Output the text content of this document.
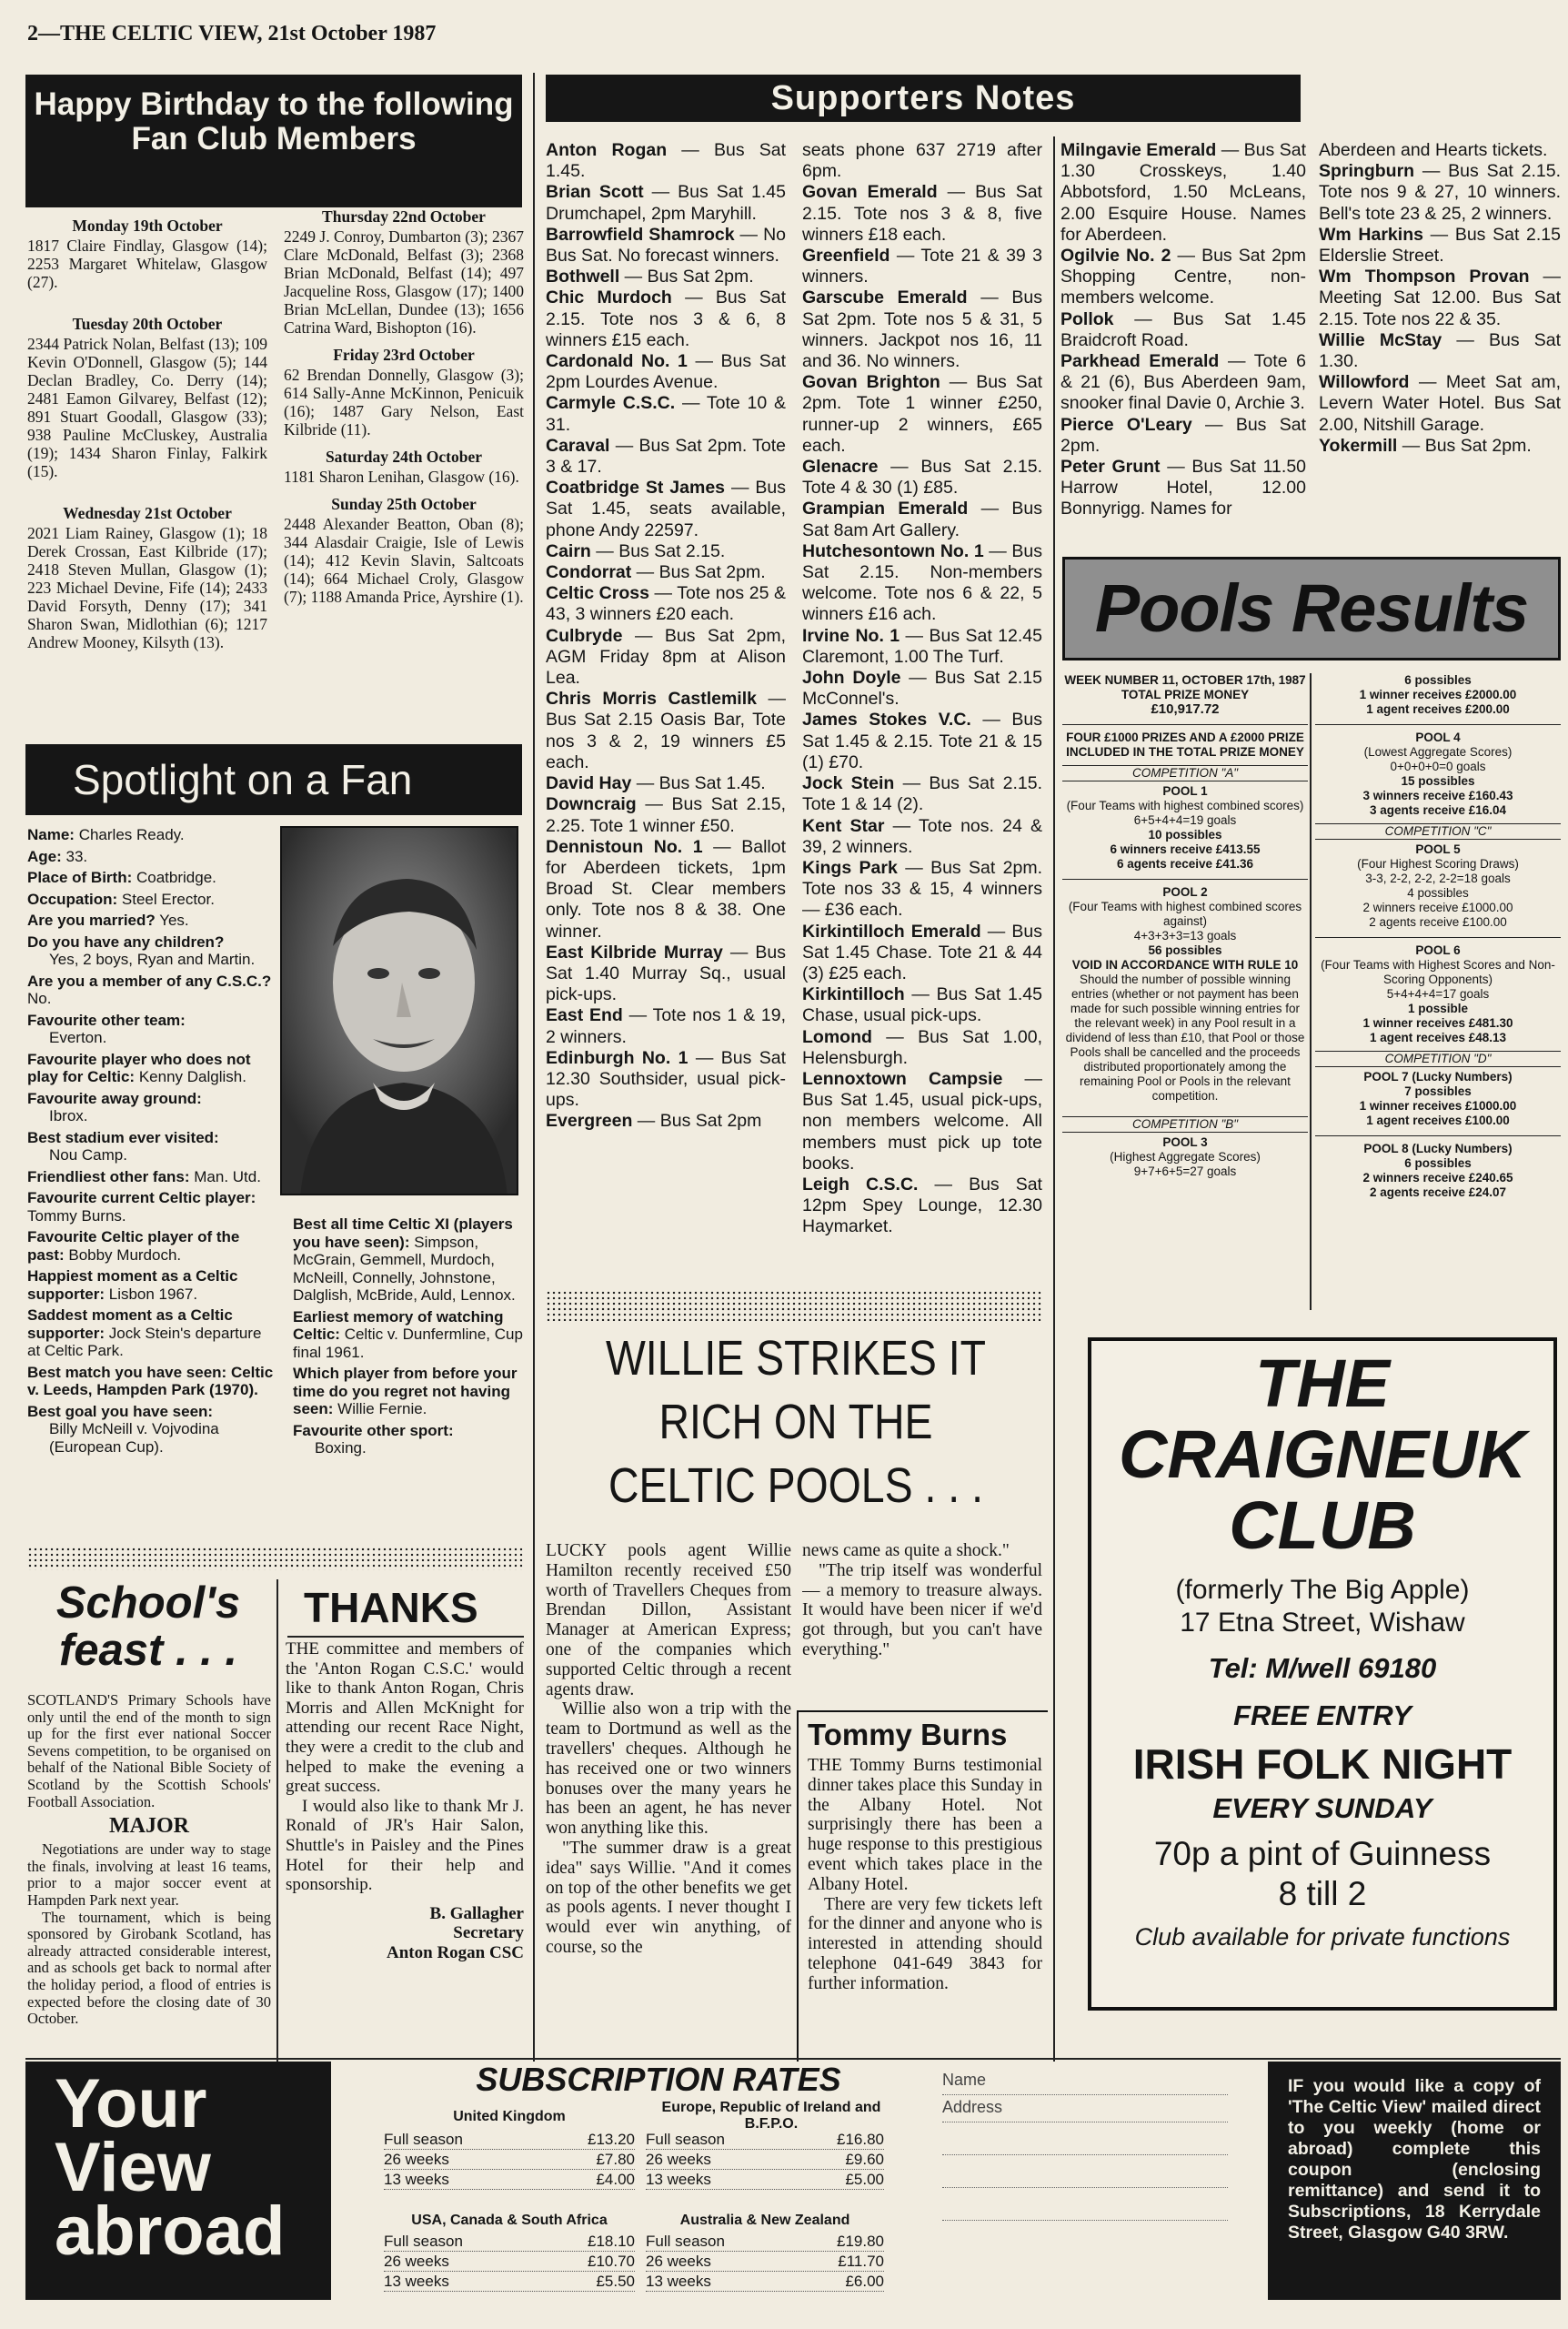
2—THE CELTIC VIEW, 21st October 1987
Happy Birthday to the following Fan Club Members
Monday 19th October
1817 Claire Findlay, Glasgow (14); 2253 Margaret Whitelaw, Glasgow (27).
Tuesday 20th October
2344 Patrick Nolan, Belfast (13); 109 Kevin O'Donnell, Glasgow (5); 144 Declan Bradley, Co. Derry (14); 2481 Eamon Gilvarey, Belfast (12); 891 Stuart Goodall, Glasgow (33); 938 Pauline McCluskey, Australia (19); 1434 Sharon Finlay, Falkirk (15).
Wednesday 21st October
2021 Liam Rainey, Glasgow (1); 18 Derek Crossan, East Kilbride (17); 2418 Steven Mullan, Glasgow (1); 223 Michael Devine, Fife (14); 2433 David Forsyth, Denny (17); 341 Sharon Swan, Midlothian (6); 1217 Andrew Mooney, Kilsyth (13).
Thursday 22nd October
2249 J. Conroy, Dumbarton (3); 2367 Clare McDonald, Belfast (3); 2368 Brian McDonald, Belfast (14); 497 Jacqueline Ross, Glasgow (17); 1400 Brian McLellan, Dundee (13); 1656 Catrina Ward, Bishopton (16).
Friday 23rd October
62 Brendan Donnelly, Glasgow (3); 614 Sally-Anne McKinnon, Penicuik (16); 1487 Gary Nelson, East Kilbride (11).
Saturday 24th October
1181 Sharon Lenihan, Glasgow (16).
Sunday 25th October
2448 Alexander Beatton, Oban (8); 344 Alasdair Craigie, Isle of Lewis (14); 412 Kevin Slavin, Saltcoats (14); 664 Michael Croly, Glasgow (7); 1188 Amanda Price, Ayrshire (1).
Spotlight on a Fan
Name: Charles Ready.
Age: 33.
Place of Birth: Coatbridge.
Occupation: Steel Erector.
Are you married? Yes.
Do you have any children?
Yes, 2 boys, Ryan and Martin.
Are you a member of any C.S.C.? No.
Favourite other team:
Everton.
Favourite player who does not play for Celtic: Kenny Dalglish.
Favourite away ground:
Ibrox.
Best stadium ever visited:
Nou Camp.
Friendliest other fans: Man. Utd.
Favourite current Celtic player: Tommy Burns.
Favourite Celtic player of the past: Bobby Murdoch.
Happiest moment as a Celtic supporter: Lisbon 1967.
Saddest moment as a Celtic supporter: Jock Stein's departure at Celtic Park.
Best match you have seen: Celtic v. Leeds, Hampden Park (1970).
Best goal you have seen:
Billy McNeill v. Vojvodina (European Cup).
Best all time Celtic XI (players you have seen): Simpson, McGrain, Gemmell, Murdoch, McNeill, Connelly, Johnstone, Dalglish, McBride, Auld, Lennox.
Earliest memory of watching Celtic: Celtic v. Dunfermline, Cup final 1961.
Which player from before your time do you regret not having seen: Willie Fernie.
Favourite other sport:
Boxing.
School's feast . . .

SCOTLAND'S Primary Schools have only until the end of the month to sign up for the first ever national Soccer Sevens competition, to be organised on behalf of the National Bible Society of Scotland by the Scottish Schools' Football Association.

MAJOR

Negotiations are under way to stage the finals, involving at least 16 teams, prior to a major soccer event at Hampden Park next year.

The tournament, which is being sponsored by Girobank Scotland, has already attracted considerable interest, and as schools get back to normal after the holiday period, a flood of entries is expected before the closing date of 30 October.

THANKS

THE committee and members of the 'Anton Rogan C.S.C.' would like to thank Anton Rogan, Chris Morris and Allen McKnight for attending our recent Race Night, they were a credit to the club and helped to make the evening a great success.

I would also like to thank Mr J. Ronald of JR's Hair Salon, Shuttle's in Paisley and the Pines Hotel for their help and sponsorship.

B. Gallagher
Secretary
Anton Rogan CSC
Supporters Notes
Anton Rogan — Bus Sat 1.45.
Brian Scott — Bus Sat 1.45 Drumchapel, 2pm Maryhill.
Barrowfield Shamrock — No Bus Sat. No forecast winners.
Bothwell — Bus Sat 2pm.
Chic Murdoch — Bus Sat 2.15. Tote nos 3 & 6, 8 winners £15 each.
Cardonald No. 1 — Bus Sat 2pm Lourdes Avenue.
Carmyle C.S.C. — Tote 10 & 31.
Caraval — Bus Sat 2pm. Tote 3 & 17.
Coatbridge St James — Bus Sat 1.45, seats available, phone Andy 22597.
Cairn — Bus Sat 2.15.
Condorrat — Bus Sat 2pm.
Celtic Cross — Tote nos 25 & 43, 3 winners £20 each.
Culbryde — Bus Sat 2pm, AGM Friday 8pm at Alison Lea.
Chris Morris Castlemilk — Bus Sat 2.15 Oasis Bar, Tote nos 3 & 2, 19 winners £5 each.
David Hay — Bus Sat 1.45.
Downcraig — Bus Sat 2.15, 2.25. Tote 1 winner £50.
Dennistoun No. 1 — Ballot for Aberdeen tickets, 1pm Broad St. Clear members only. Tote nos 8 & 38. One winner.
East Kilbride Murray — Bus Sat 1.40 Murray Sq., usual pick-ups.
East End — Tote nos 1 & 19, 2 winners.
Edinburgh No. 1 — Bus Sat 12.30 Southsider, usual pick-ups.
Evergreen — Bus Sat 2pm
seats phone 637 2719 after 6pm.
Govan Emerald — Bus Sat 2.15. Tote nos 3 & 8, five winners £18 each.
Greenfield — Tote 21 & 39 3 winners.
Garscube Emerald — Bus Sat 2pm. Tote nos 5 & 31, 5 winners. Jackpot nos 16, 11 and 36. No winners.
Govan Brighton — Bus Sat 2pm. Tote 1 winner £250, runner-up 2 winners, £65 each.
Glenacre — Bus Sat 2.15. Tote 4 & 30 (1) £85.
Grampian Emerald — Bus Sat 8am Art Gallery.
Hutchesontown No. 1 — Bus Sat 2.15. Non-members welcome. Tote nos 6 & 22, 5 winners £16 ach.
Irvine No. 1 — Bus Sat 12.45 Claremont, 1.00 The Turf.
John Doyle — Bus Sat 2.15 McConnel's.
James Stokes V.C. — Bus Sat 1.45 & 2.15. Tote 21 & 15 (1) £70.
Jock Stein — Bus Sat 2.15. Tote 1 & 14 (2).
Kent Star — Tote nos. 24 & 39, 2 winners.
Kings Park — Bus Sat 2pm. Tote nos 33 & 15, 4 winners — £36 each.
Kirkintilloch Emerald — Bus Sat 1.45 Chase. Tote 21 & 44 (3) £25 each.
Kirkintilloch — Bus Sat 1.45 Chase, usual pick-ups.
Lomond — Bus Sat 1.00, Helensburgh.
Lennoxtown Campsie — Bus Sat 1.45, usual pick-ups, non members welcome. All members must pick up tote books.
Leigh C.S.C. — Bus Sat 12pm Spey Lounge, 12.30 Haymarket.
Milngavie Emerald — Bus Sat 1.30 Crosskeys, 1.40 Abbotsford, 1.50 McLeans, 2.00 Esquire House. Names for Aberdeen.
Ogilvie No. 2 — Bus Sat 2pm Shopping Centre, non-members welcome.
Pollok — Bus Sat 1.45 Braidcroft Road.
Parkhead Emerald — Tote 6 & 21 (6), Bus Aberdeen 9am, snooker final Davie 0, Archie 3.
Pierce O'Leary — Bus Sat 2pm.
Peter Grunt — Bus Sat 11.50 Harrow Hotel, 12.00 Bonnyrigg. Names for
Aberdeen and Hearts tickets.
Springburn — Bus Sat 2.15. Tote nos 9 & 27, 10 winners. Bell's tote 23 & 25, 2 winners.
Wm Harkins — Bus Sat 2.15 Elderslie Street.
Wm Thompson Provan — Meeting Sat 12.00. Bus Sat 2.15. Tote nos 22 & 35.
Willie McStay — Bus Sat 1.30.
Willowford — Meet Sat am, Levern Water Hotel. Bus Sat 2.00, Nitshill Garage.
Yokermill — Bus Sat 2pm.
WILLIE STRIKES IT RICH ON THE CELTIC POOLS . . .

LUCKY pools agent Willie Hamilton recently received £50 worth of Travellers Cheques from Brendan Dillon, Assistant Manager at American Express; one of the companies which supported Celtic through a recent agents draw.

Willie also won a trip with the team to Dortmund as well as the travellers' cheques. Although he has received one or two winners bonuses over the many years he has been an agent, he has never won anything like this.

"The summer draw is a great idea" says Willie. "And it comes on top of the other benefits we get as pools agents. I never thought I would ever win anything, of course, so the

news came as quite a shock."

"The trip itself was wonderful — a memory to treasure always. It would have been nicer if we'd got through, but you can't have everything."

Tommy Burns

THE Tommy Burns testimonial dinner takes place this Sunday in the Albany Hotel. Not surprisingly there has been a huge response to this prestigious event which takes place in the Albany Hotel.

There are very few tickets left for the dinner and anyone who is interested in attending should telephone 041-649 3843 for further information.

Pools Results
WEEK NUMBER 11, OCTOBER 17th, 1987
TOTAL PRIZE MONEY
£10,917.72
FOUR £1000 PRIZES AND A £2000 PRIZE INCLUDED IN THE TOTAL PRIZE MONEY
COMPETITION "A"
POOL 1
(Four Teams with highest combined scores)
6+5+4+4=19 goals
10 possibles
6 winners receive £413.55
6 agents receive £41.36
POOL 2
(Four Teams with highest combined scores against)
4+3+3+3=13 goals
56 possibles
VOID IN ACCORDANCE WITH RULE 10
Should the number of possible winning entries (whether or not payment has been made for such possible winning entries for the relevant week) in any Pool result in a dividend of less than £10, that Pool or those Pools shall be cancelled and the proceeds distributed proportionately among the remaining Pool or Pools in the relevant competition.
COMPETITION "B"
POOL 3
(Highest Aggregate Scores)
9+7+6+5=27 goals
6 possibles
1 winner receives £2000.00
1 agent receives £200.00
POOL 4
(Lowest Aggregate Scores)
0+0+0+0=0 goals
15 possibles
3 winners receive £160.43
3 agents receive £16.04
COMPETITION "C"
POOL 5
(Four Highest Scoring Draws)
3-3, 2-2, 2-2, 2-2=18 goals
4 possibles
2 winners receive £1000.00
2 agents receive £100.00
POOL 6
(Four Teams with Highest Scores and Non-Scoring Opponents)
5+4+4+4=17 goals
1 possible
1 winner receives £481.30
1 agent receives £48.13
COMPETITION "D"
POOL 7 (Lucky Numbers)
7 possibles
1 winner receives £1000.00
1 agent receives £100.00
POOL 8 (Lucky Numbers)
6 possibles
2 winners receive £240.65
2 agents receive £24.07
THE
CRAIGNEUK
CLUB
(formerly The Big Apple)
17 Etna Street, Wishaw
Tel: M/well 69180
FREE ENTRY
IRISH FOLK NIGHT
EVERY SUNDAY
70p a pint of Guinness
8 till 2
Club available for private functions
Your
View
abroad
SUBSCRIPTION RATES
United Kingdom
Full season	£13.20
26 weeks	£7.80
13 weeks	£4.00
Europe, Republic of Ireland and B.F.P.O.
Full season	£16.80
26 weeks	£9.60
13 weeks	£5.00
USA, Canada & South Africa
Full season	£18.10
26 weeks	£10.70
13 weeks	£5.50
Australia & New Zealand
Full season	£19.80
26 weeks	£11.70
13 weeks	£6.00
Name
Address
IF you would like a copy of 'The Celtic View' mailed direct to you weekly (home or abroad) complete this coupon (enclosing remittance) and send it to Subscriptions, 18 Kerrydale Street, Glasgow G40 3RW.
